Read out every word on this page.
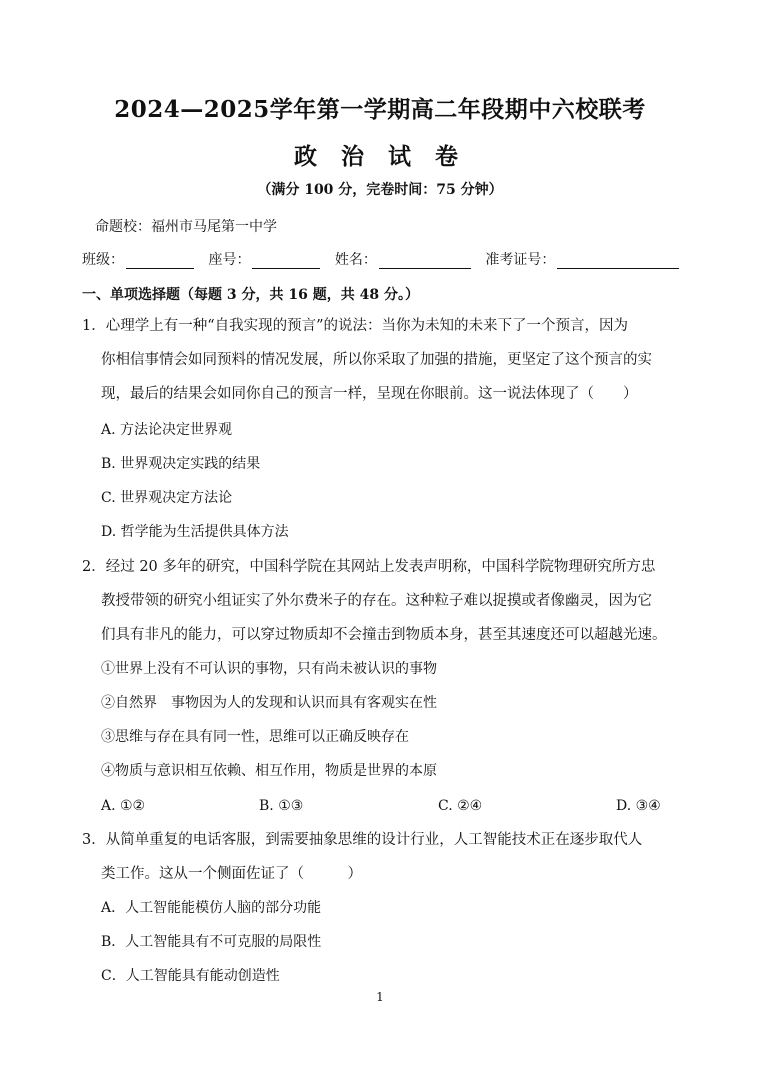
2024—2025学年第一学期高二年段期中六校联考
政 治 试 卷
（满分 100 分，完卷时间：75 分钟）
命题校：福州市马尾第一中学
班级：	座号：	姓名：	准考证号：
一、单项选择题（每题 3 分，共 16 题，共 48 分。）
1．心理学上有一种“自我实现的预言”的说法：当你为未知的未来下了一个预言，因为
你相信事情会如同预料的情况发展，所以你采取了加强的措施，更坚定了这个预言的实
现，最后的结果会如同你自己的预言一样，呈现在你眼前。这一说法体现了（　　）
A. 方法论决定世界观
B. 世界观决定实践的结果
C. 世界观决定方法论
D. 哲学能为生活提供具体方法
2．经过 20 多年的研究，中国科学院在其网站上发表声明称，中国科学院物理研究所方忠
教授带领的研究小组证实了外尔费米子的存在。这种粒子难以捉摸或者像幽灵，因为它
们具有非凡的能力，可以穿过物质却不会撞击到物质本身，甚至其速度还可以超越光速。
①世界上没有不可认识的事物，只有尚未被认识的事物
②自然界　事物因为人的发现和认识而具有客观实在性
③思维与存在具有同一性，思维可以正确反映存在
④物质与意识相互依赖、相互作用，物质是世界的本原
A. ①②	B. ①③	C. ②④	D. ③④
3．从简单重复的电话客服，到需要抽象思维的设计行业，人工智能技术正在逐步取代人
类工作。这从一个侧面佐证了（　　　）
A．人工智能能模仿人脑的部分功能
B．人工智能具有不可克服的局限性
C．人工智能具有能动创造性
1
